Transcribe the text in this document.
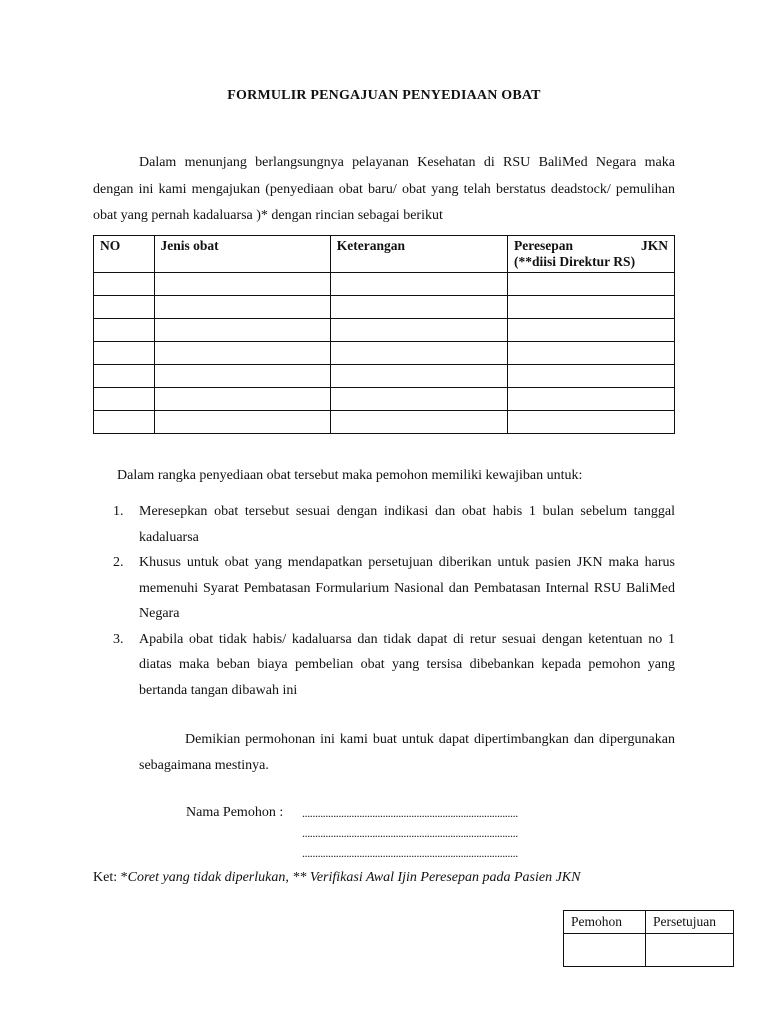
FORMULIR PENGAJUAN PENYEDIAAN OBAT

Dalam menunjang berlangsungnya pelayanan Kesehatan di RSU BaliMed Negara maka dengan ini kami mengajukan (penyediaan obat baru/ obat yang telah berstatus deadstock/ pemulihan obat yang pernah kadaluarsa )* dengan rincian sebagai berikut

NO	Jenis obat	Keterangan	Peresepan JKN
(**diisi Direktur RS)

Dalam rangka penyediaan obat tersebut maka pemohon memiliki kewajiban untuk:
1. Meresepkan obat tersebut sesuai dengan indikasi dan obat habis 1 bulan sebelum tanggal kadaluarsa
2. Khusus untuk obat yang mendapatkan persetujuan diberikan untuk pasien JKN maka harus memenuhi Syarat Pembatasan Formularium Nasional dan Pembatasan Internal RSU BaliMed Negara
3. Apabila obat tidak habis/ kadaluarsa dan tidak dapat di retur sesuai dengan ketentuan no 1 diatas maka beban biaya pembelian obat yang tersisa dibebankan kepada pemohon yang bertanda tangan dibawah ini

Demikian permohonan ini kami buat untuk dapat dipertimbangkan dan dipergunakan sebagaimana mestinya.

Nama Pemohon : ...................................................................................
...................................................................................
...................................................................................
Ket: *Coret yang tidak diperlukan, ** Verifikasi Awal Ijin Peresepan pada Pasien JKN
Pemohon	Persetujuan
